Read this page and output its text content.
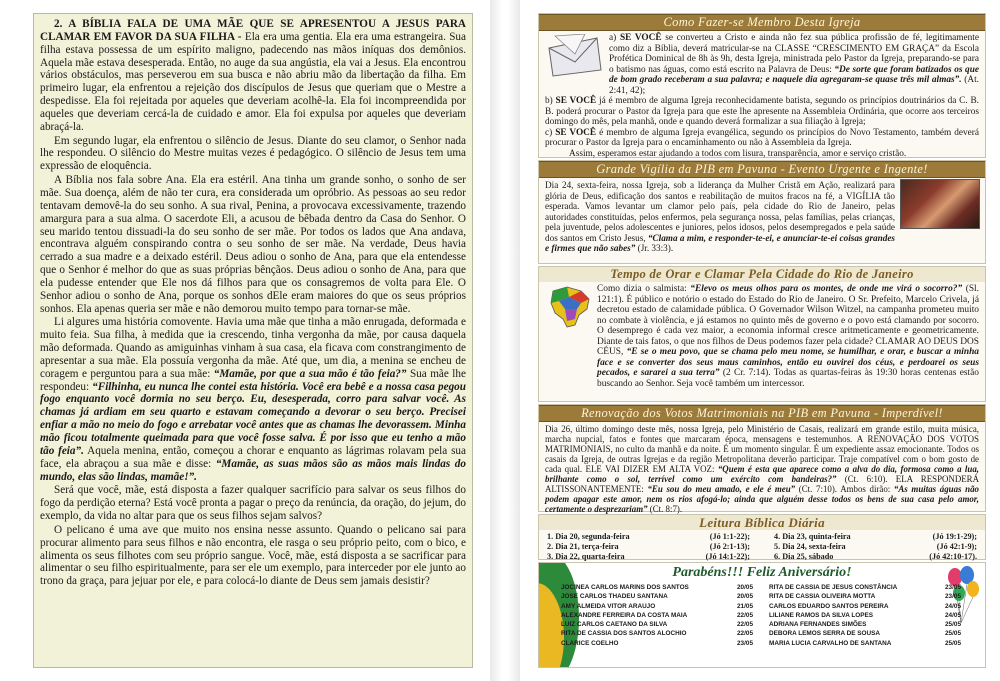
2. A BÍBLIA FALA DE UMA MÃE QUE SE APRESENTOU A JESUS PARA CLAMAR EM FAVOR DA SUA FILHA - Ela era uma gentia. Ela era uma estrangeira. Sua filha estava possessa de um espírito maligno, padecendo nas mãos iníquas dos demônios. Aquela mãe estava desesperada. Então, no auge da sua angústia, ela vai a Jesus. Ela encontrou vários obstáculos, mas perseverou em sua busca e não abriu mão da libertação da filha. Em primeiro lugar, ela enfrentou a rejeição dos discípulos de Jesus que queriam que o Mestre a despedisse. Ela foi rejeitada por aqueles que deveriam acolhê-la. Ela foi incompreendida por aqueles que deveriam cercá-la de cuidado e amor. Ela foi expulsa por aqueles que deveriam abraçá-la.

Em segundo lugar, ela enfrentou o silêncio de Jesus. Diante do seu clamor, o Senhor nada lhe respondeu. O silêncio do Mestre muitas vezes é pedagógico. O silêncio de Jesus tem uma expressão de eloquência.

A Bíblia nos fala sobre Ana. Ela era estéril. Ana tinha um grande sonho, o sonho de ser mãe. Sua doença, além de não ter cura, era considerada um opróbrio. As pessoas ao seu redor tentavam demovê-la do seu sonho. A sua rival, Penina, a provocava excessivamente, trazendo amargura para a sua alma. O sacerdote Eli, a acusou de bêbada dentro da Casa do Senhor. O seu marido tentou dissuadi-la do seu sonho de ser mãe. Por todos os lados que Ana andava, encontrava alguém conspirando contra o seu sonho de ser mãe. Na verdade, Deus havia cerrado a sua madre e a deixado estéril. Deus adiou o sonho de Ana, para que ela entendesse que o Senhor é melhor do que as suas próprias bênçãos. Deus adiou o sonho de Ana, para que ela pudesse entender que Ele nos dá filhos para que os consagremos de volta para Ele. O Senhor adiou o sonho de Ana, porque os sonhos dEle eram maiores do que os seus próprios sonhos. Ela apenas queria ser mãe e não demorou muito tempo para tornar-se mãe.

Li algures uma história comovente. Havia uma mãe que tinha a mão enrugada, deformada e muito feia. Sua filha, à medida que ia crescendo, tinha vergonha da mãe, por causa daquela mão deformada. Quando as amiguinhas vinham à sua casa, ela ficava com constrangimento de apresentar a sua mãe. Ela possuía vergonha da mãe. Até que, um dia, a menina se encheu de coragem e perguntou para a sua mãe: “Mamãe, por que a sua mão é tão feia?” Sua mãe lhe respondeu: “Filhinha, eu nunca lhe contei esta história. Você era bebê e a nossa casa pegou fogo enquanto você dormia no seu berço. Eu, desesperada, corro para salvar você. As chamas já ardiam em seu quarto e estavam começando a devorar o seu berço. Precisei enfiar a mão no meio do fogo e arrebatar você antes que as chamas lhe devorassem. Minha mão ficou totalmente queimada para que você fosse salva. É por isso que eu tenho a mão tão feia”. Aquela menina, então, começou a chorar e enquanto as lágrimas rolavam pela sua face, ela abraçou a sua mãe e disse: “Mamãe, as suas mãos são as mãos mais lindas do mundo, elas são lindas, mamãe!”.

Será que você, mãe, está disposta a fazer qualquer sacrifício para salvar os seus filhos do fogo da perdição eterna? Está você pronta a pagar o preço da renúncia, da oração, do jejum, do exemplo, da vida no altar para que os seus filhos sejam salvos?

O pelicano é uma ave que muito nos ensina nesse assunto. Quando o pelicano sai para procurar alimento para seus filhos e não encontra, ele rasga o seu próprio peito, com o bico, e alimenta os seus filhotes com seu próprio sangue. Você, mãe, está disposta a se sacrificar para alimentar o seu filho espiritualmente, para ser ele um exemplo, para interceder por ele junto ao trono da graça, para jejuar por ele, e para colocá-lo diante de Deus sem jamais desistir?

Como Fazer-se Membro Desta Igreja

a) SE VOCÊ se converteu a Cristo e ainda não fez sua pública profissão de fé, legitimamente como diz a Bíblia, deverá matricular-se na CLASSE “CRESCIMENTO EM GRAÇA” da Escola Profética Dominical de 8h às 9h, desta Igreja, ministrada pelo Pastor da Igreja, preparando-se para o batismo nas águas, como está escrito na Palavra de Deus: “De sorte que foram batizados os que de bom grado receberam a sua palavra; e naquele dia agregaram-se quase três mil almas”. (At. 2:41, 42);

b) SE VOCÊ já é membro de alguma Igreja reconhecidamente batista, segundo os princípios doutrinários da C. B. B. poderá procurar o Pastor da Igreja para que este lhe apresente na Assembleia Ordinária, que ocorre aos terceiros domingo do mês, pela manhã, onde e quando deverá formalizar a sua filiação à Igreja;

c) SE VOCÊ é membro de alguma Igreja evangélica, segundo os princípios do Novo Testamento, também deverá procurar o Pastor da Igreja para o encaminhamento ou não à Assembleia da Igreja.

Assim, esperamos estar ajudando a todos com lisura, transparência, amor e serviço cristão.

Grande Vigília da PIB em Pavuna - Evento Urgente e Ingente!

Dia 24, sexta-feira, nossa Igreja, sob a liderança da Mulher Cristã em Ação, realizará para glória de Deus, edificação dos santos e reabilitação de muitos fracos na fé, a VIGÍLIA tão esperada. Vamos levantar um clamor pelo país, pela cidade do Rio de Janeiro, pelas autoridades constituídas, pelos enfermos, pela segurança nossa, pelas famílias, pelas crianças, pela juventude, pelos adolescentes e juniores, pelos idosos, pelos desempregados e pela saúde dos santos em Cristo Jesus, “Clama a mim, e responder-te-ei, e anunciar-te-ei coisas grandes e firmes que não sabes” (Jr. 33:3).

Tempo de Orar e Clamar Pela Cidade do Rio de Janeiro

Como dizia o salmista: “Elevo os meus olhos para os montes, de onde me virá o socorro?” (Sl. 121:1). É público e notório o estado do Estado do Rio de Janeiro. O Sr. Prefeito, Marcelo Crivela, já decretou estado de calamidade pública. O Governador Wilson Witzel, na campanha prometeu muito no combate à violência, e já estamos no quinto mês de governo e o povo está clamando por socorro. O desemprego é cada vez maior, a economia informal cresce aritmeticamente e geometricamente. Diante de tais fatos, o que nos filhos de Deus podemos fazer pela cidade? CLAMAR AO DEUS DOS CÉUS, “E se o meu povo, que se chama pelo meu nome, se humilhar, e orar, e buscar a minha face e se converter dos seus maus caminhos, então eu ouvirei dos céus, e perdoarei os seus pecados, e sararei a sua terra” (2 Cr. 7:14). Todas as quartas-feiras às 19:30 horas centenas estão buscando ao Senhor. Seja você também um intercessor.

Renovação dos Votos Matrimoniais na PIB em Pavuna - Imperdível!

Dia 26, último domingo deste mês, nossa Igreja, pelo Ministério de Casais, realizará em grande estilo, muita música, marcha nupcial, fatos e fontes que marcaram época, mensagens e testemunhos. A RENOVAÇÃO DOS VOTOS MATRIMONIAIS, no culto da manhã e da noite. É um momento singular. É um expediente assaz emocionante. Todos os casais da Igreja, de outras Igrejas e da região Metropolitana deverão participar. Traje compatível com o bom gosto de cada qual. ELE VAI DIZER EM ALTA VOZ: “Quem é esta que aparece como a alva do dia, formosa como a lua, brilhante como o sol, terrível como um exército com bandeiras?” (Ct. 6:10). ELA RESPONDERÁ ALTISSONANTEMENTE: “Eu sou do meu amado, e ele é meu” (Ct. 7:10). Ambos dirão: “As muitas águas não podem apagar este amor, nem os rios afogá-lo; ainda que alguém desse todos os bens de sua casa pelo amor, certamente o desprezariam” (Ct. 8:7).

Leitura Bíblica Diária
1. Dia 20, segunda-feira	(Jó 1:1-22);	4. Dia 23, quinta-feira	(Jó 19:1-29);
2. Dia 21, terça-feira	(Jó 2:1-13);	5. Dia 24, sexta-feira	(Jó 42:1-9);
3. Dia 22, quarta-feira	(Jó 14:1-22);	6. Dia 25, sábado	(Jó 42:10-17).
Parabéns!!! Feliz Aniversário!
JOCINEA CARLOS MARINS DOS SANTOS	20/05	RITA DE CASSIA DE JESUS CONSTÂNCIA	23/05
JOSE CARLOS THADEU SANTANA	20/05	RITA DE CASSIA OLIVEIRA MOTTA	23/05
AMY ALMEIDA VITOR ARAUJO	21/05	CARLOS EDUARDO SANTOS PEREIRA	24/05
ALEXANDRE FERREIRA DA COSTA MAIA	22/05	LILIANE RAMOS DA SILVA LOPES	24/05
LUIZ CARLOS CAETANO DA SILVA	22/05	ADRIANA FERNANDES SIMÕES	25/05
RITA DE CASSIA DOS SANTOS ALOCHIO	22/05	DEBORA LEMOS SERRA DE SOUSA	25/05
CLARICE COELHO	23/05	MARIA LUCIA CARVALHO DE SANTANA	25/05
